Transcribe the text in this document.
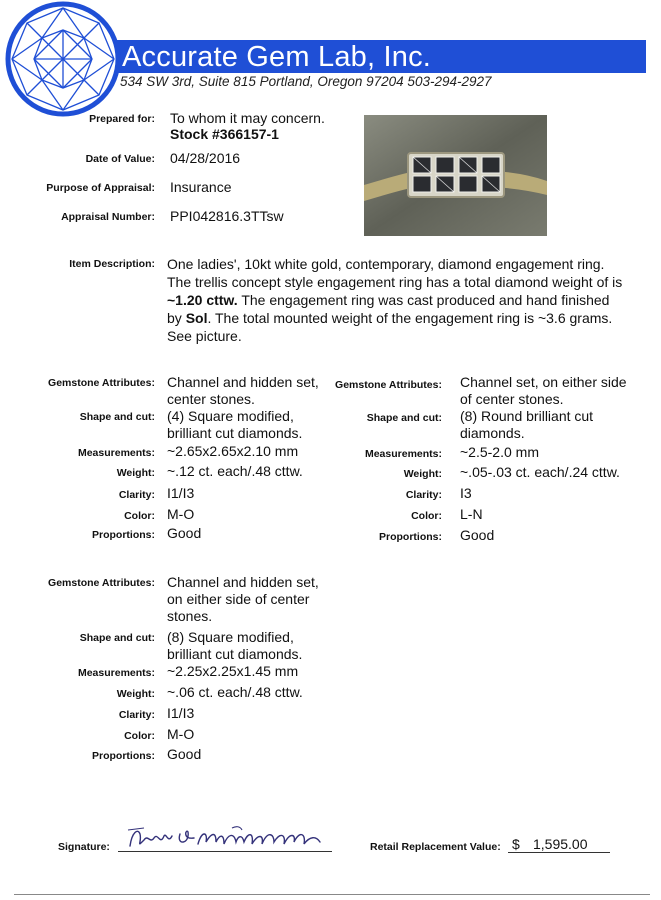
Accurate Gem Lab, Inc.
534 SW 3rd, Suite 815 Portland, Oregon 97204 503-294-2927
Prepared for: To whom it may concern.
Stock #366157-1
Date of Value: 04/28/2016
Purpose of Appraisal: Insurance
Appraisal Number: PPI042816.3TTsw
Item Description: One ladies', 10kt white gold, contemporary, diamond engagement ring. The trellis concept style engagement ring has a total diamond weight of is ~1.20 cttw. The engagement ring was cast produced and hand finished by Sol. The total mounted weight of the engagement ring is ~3.6 grams. See picture.
Gemstone Attributes: Channel and hidden set,
center stones.
Shape and cut: (4) Square modified,
brilliant cut diamonds.
Measurements: ~2.65x2.65x2.10 mm
Weight: ~.12 ct. each/.48 cttw.
Clarity: I1/I3
Color: M-O
Proportions: Good
Gemstone Attributes: Channel set, on either side
of center stones.
Shape and cut: (8) Round brilliant cut
diamonds.
Measurements: ~2.5-2.0 mm
Weight: ~.05-.03 ct. each/.24 cttw.
Clarity: I3
Color: L-N
Proportions: Good
Gemstone Attributes: Channel and hidden set,
on either side of center
stones.
Shape and cut: (8) Square modified,
brilliant cut diamonds.
Measurements: ~2.25x2.25x1.45 mm
Weight: ~.06 ct. each/.48 cttw.
Clarity: I1/I3
Color: M-O
Proportions: Good
Signature:	Retail Replacement Value: $ 1,595.00
